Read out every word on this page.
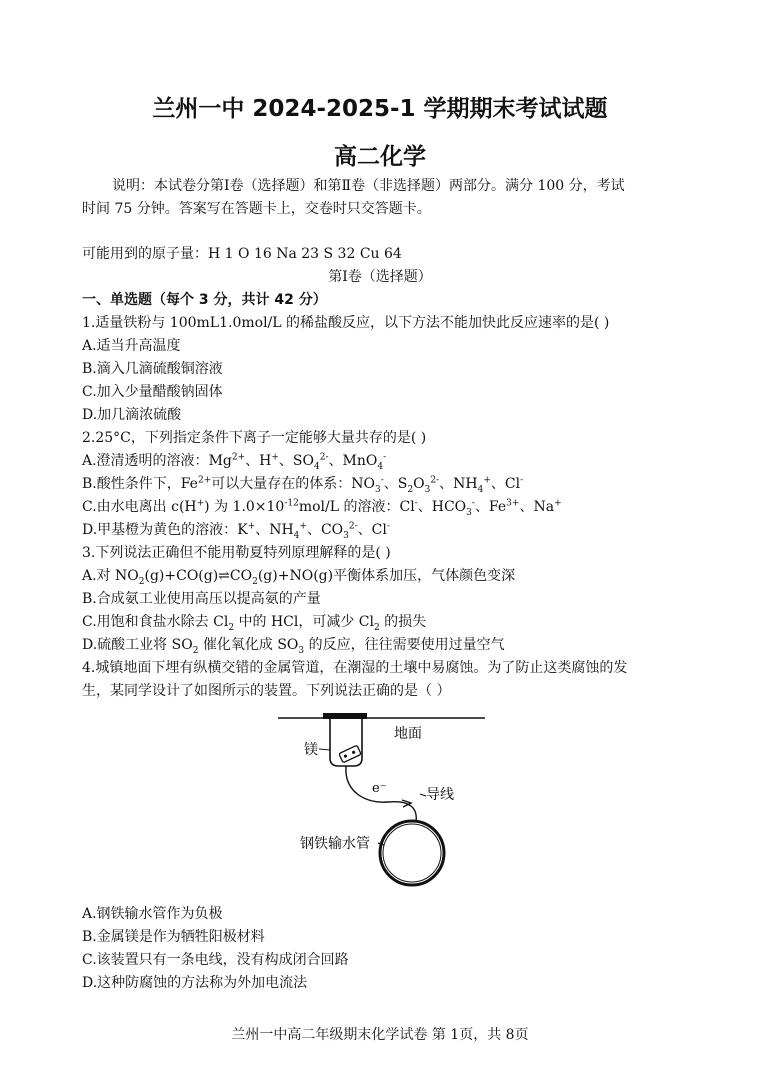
兰州一中 2024-2025-1 学期期末考试试题
高二化学
说明：本试卷分第Ⅰ卷（选择题）和第Ⅱ卷（非选择题）两部分。满分 100 分，考试
时间 75 分钟。答案写在答题卡上，交卷时只交答题卡。
可能用到的原子量：H 1 O 16 Na 23 S 32 Cu 64
第Ⅰ卷（选择题）
一、单选题（每个 3 分，共计 42 分）
1.适量铁粉与 100mL1.0mol/L 的稀盐酸反应，以下方法不能加快此反应速率的是( )
A.适当升高温度
B.滴入几滴硫酸铜溶液
C.加入少量醋酸钠固体
D.加几滴浓硫酸
2.25°C，下列指定条件下离子一定能够大量共存的是( )
A.澄清透明的溶液：$Mg^{2+}$、H+、$SO_4^{2-}$、MnO$_4$-
B.酸性条件下，$Fe^{2+}$可以大量存在的体系：$NO_3^-$、$S_2O_3^{2-}$、$NH_4^+$、Cl-
C.由水电离出 c(H+) 为 $1.0\times 10^{-12}mol/L$ 的溶液：Cl-、$HCO_3^-$、$Fe^{3+}$、Na+
D.甲基橙为黄色的溶液：K+、$NH_4^+$、$CO_3^{2-}$、Cl-
3.下列说法正确但不能用勒夏特列原理解释的是( )
A.对 $NO_2(g)+CO(g)\rightleftharpoons CO_2(g)+NO(g)$平衡体系加压，气体颜色变深
B.合成氨工业使用高压以提高氨的产量
C.用饱和食盐水除去 $Cl_2$ 中的 HCl，可减少 $Cl_2$ 的损失
D.硫酸工业将 $SO_2$ 催化氧化成 $SO_3$ 的反应，往往需要使用过量空气
4.城镇地面下埋有纵横交错的金属管道，在潮湿的土壤中易腐蚀。为了防止这类腐蚀的发
生，某同学设计了如图所示的装置。下列说法正确的是（ ）
地面
镁
e⁻	导线
钢铁输水管
A.钢铁输水管作为负极
B.金属镁是作为牺牲阳极材料
C.该装置只有一条电线，没有构成闭合回路
D.这种防腐蚀的方法称为外加电流法
兰州一中高二年级期末化学试卷 第 1页，共 8页
